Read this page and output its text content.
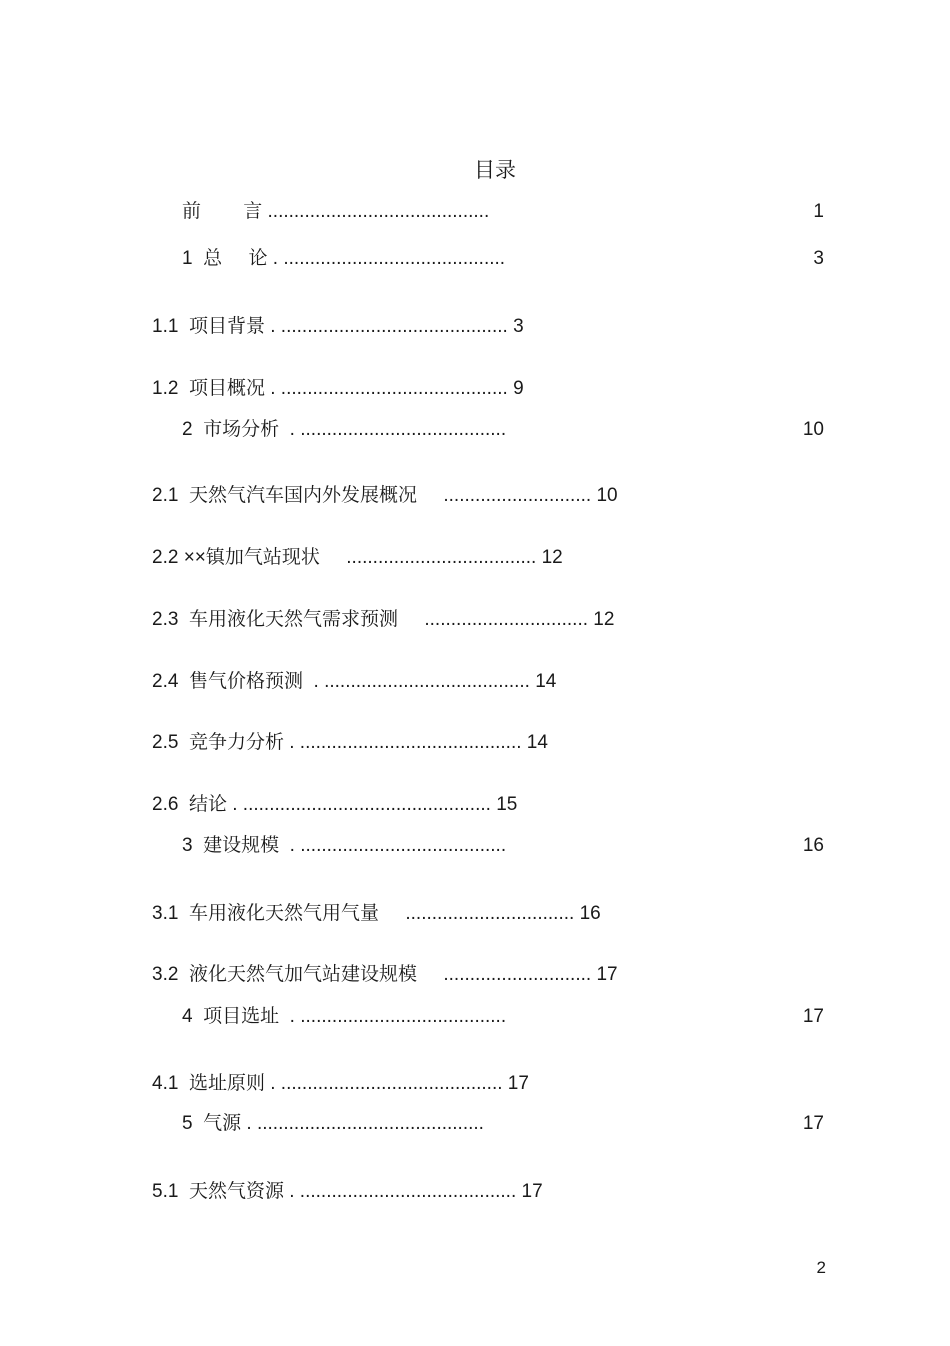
目录
前        言 ..........................................	1
1  总     论 . ..........................................	3
1.1  项目背景 . ........................................... 3
1.2  项目概况 . ........................................... 9
2  市场分析  . .......................................	10
2.1  天然气汽车国内外发展概况     ............................ 10
2.2 ××镇加气站现状     .................................... 12
2.3  车用液化天然气需求预测     ............................... 12
2.4  售气价格预测  . ....................................... 14
2.5  竞争力分析 . .......................................... 14
2.6  结论 . ............................................... 15
3  建设规模  . .......................................	16
3.1  车用液化天然气用气量     ................................ 16
3.2  液化天然气加气站建设规模     ............................ 17
4  项目选址  . .......................................	17
4.1  选址原则 . .......................................... 17
5  气源 . ...........................................	17
5.1  天然气资源 . ......................................... 17
2
